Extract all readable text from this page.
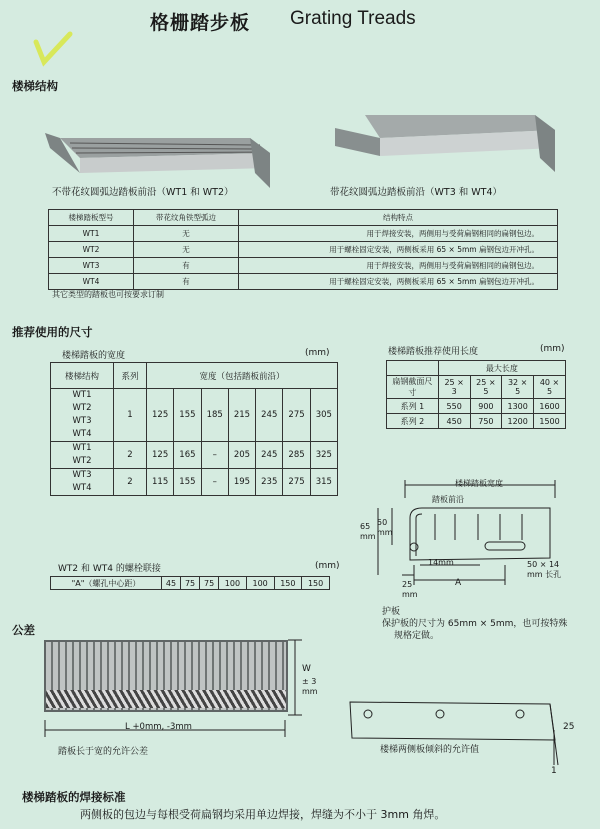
格栅踏步板 Grating Treads
楼梯结构
不带花纹圆弧边踏板前沿（WT1 和 WT2）	带花纹圆弧边踏板前沿（WT3 和 WT4）
楼梯踏板型号	带花纹角铁型弧边	结构特点
WT1	无	用于焊接安装，两侧用与受荷扁钢相同的扁钢包边。
WT2	无	用于螺栓固定安装，两侧板采用 65 × 5mm 扁钢包边开冲孔。
WT3	有	用于焊接安装，两侧用与受荷扁钢相同的扁钢包边。
WT4	有	用于螺栓固定安装，两侧板采用 65 × 5mm 扁钢包边开冲孔。
其它类型的踏板也可按要求订制
推荐使用的尺寸
楼梯踏板的宽度	(mm)
楼梯结构	系列	宽度（包括踏板前沿）						
WT1
WT2
WT3
WT4	1	125	155	185	215	245	275	305
WT1
WT2	2	125	165	–	205	245	285	325
WT3
WT4	2	115	155	–	195	235	275	315
楼梯踏板推荐使用长度	(mm)
	最大长度			
扁钢截面尺寸	25 × 3	25 × 5	32 × 5	40 × 5
系列 1	550	900	1300	1600
系列 2	450	750	1200	1500
WT2 和 WT4 的螺栓联接	(mm)
"A"（螺孔中心距）	45	75	75	100	100	150	150
楼梯踏板宽度
踏板前沿
65
mm
50
mm
14mm
25
mm
A
50 × 14
mm 长孔
护板
保护板的尺寸为 65mm × 5mm，也可按特殊
规格定做。
公差
W
± 3
mm
L +0mm, -3mm
踏板长于宽的允许公差
25
1
楼梯两侧板倾斜的允许值
楼梯踏板的焊接标准
两侧板的包边与每根受荷扁钢均采用单边焊接，焊缝为不小于 3mm 角焊。
